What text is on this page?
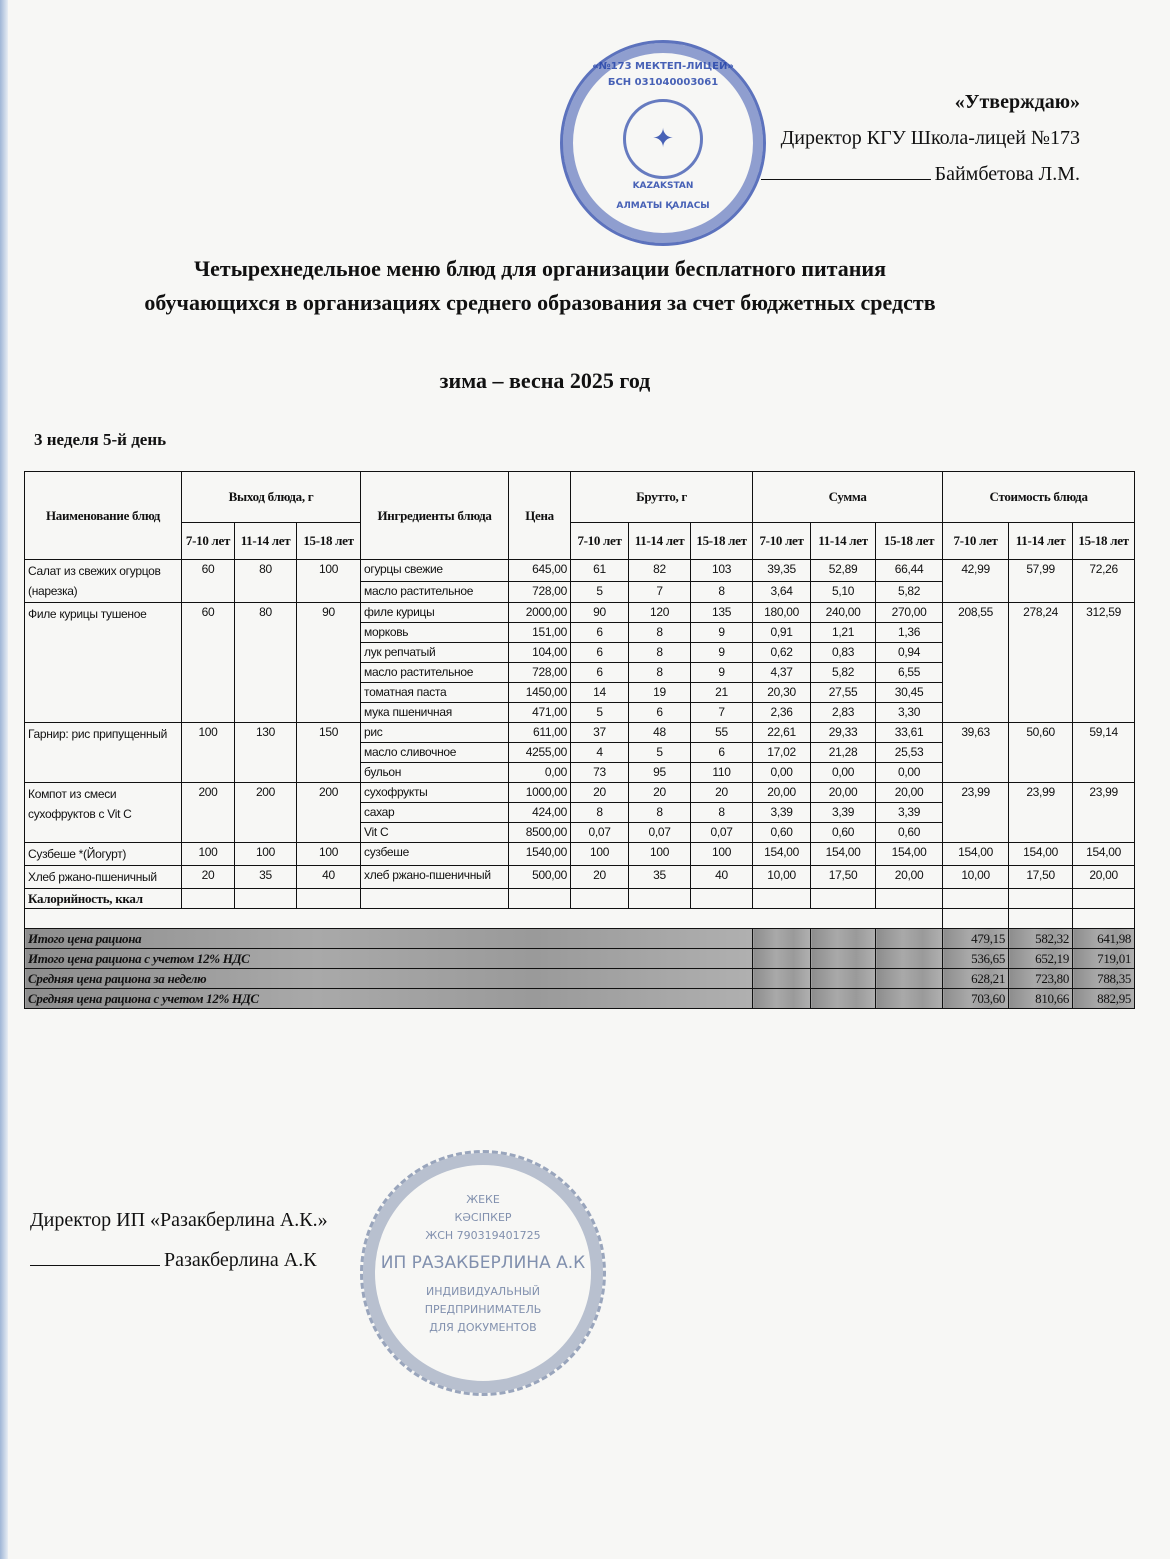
«№173 МЕКТЕП-ЛИЦЕЙ»
БСН 031040003061
✦
KAZAKSTAN
АЛМАТЫ ҚАЛАСЫ
«Утверждаю»
Директор КГУ Школа-лицей №173
Баймбетова Л.М.
Четырехнедельное меню блюд для организации бесплатного питания
обучающихся в организациях среднего образования за счет бюджетных средств
зима – весна 2025 год
3 неделя 5-й день
Наименование блюд	Выход блюда, г			Ингредиенты блюда	Цена	Брутто, г			Сумма			Стоимость блюда		
	7-10 лет	11-14 лет	15-18 лет			7-10 лет	11-14 лет	15-18 лет	7-10 лет	11-14 лет	15-18 лет	7-10 лет	11-14 лет	15-18 лет
Салат из свежих огурцов (нарезка)	60	80	100	огурцы свежие	645,00	61	82	103	39,35	52,89	66,44	42,99	57,99	72,26
				масло растительное	728,00	5	7	8	3,64	5,10	5,82			
Филе курицы тушеное	60	80	90	филе курицы	2000,00	90	120	135	180,00	240,00	270,00	208,55	278,24	312,59
				морковь	151,00	6	8	9	0,91	1,21	1,36			
				лук репчатый	104,00	6	8	9	0,62	0,83	0,94			
				масло растительное	728,00	6	8	9	4,37	5,82	6,55			
				томатная паста	1450,00	14	19	21	20,30	27,55	30,45			
				мука пшеничная	471,00	5	6	7	2,36	2,83	3,30			
Гарнир: рис припущенный	100	130	150	рис	611,00	37	48	55	22,61	29,33	33,61	39,63	50,60	59,14
				масло сливочное	4255,00	4	5	6	17,02	21,28	25,53			
				бульон	0,00	73	95	110	0,00	0,00	0,00			
Компот из смеси сухофруктов с Vit C	200	200	200	сухофрукты	1000,00	20	20	20	20,00	20,00	20,00	23,99	23,99	23,99
				сахар	424,00	8	8	8	3,39	3,39	3,39			
				Vit C	8500,00	0,07	0,07	0,07	0,60	0,60	0,60			
Сузбеше *(Йогурт)	100	100	100	сузбеше	1540,00	100	100	100	154,00	154,00	154,00	154,00	154,00	154,00
Хлеб ржано-пшеничный	20	35	40	хлеб ржано-пшеничный	500,00	20	35	40	10,00	17,50	20,00	10,00	17,50	20,00
Калорийность, ккал														

Итого цена рациона												479,15	582,32	641,98
Итого цена рациона с учетом 12% НДС												536,65	652,19	719,01
Средняя цена рациона за неделю												628,21	723,80	788,35
Средняя цена рациона с учетом 12% НДС												703,60	810,66	882,95
ЖЕКЕ
КӘСІПКЕР
ЖСН 790319401725
ИП РАЗАКБЕРЛИНА А.К
ИНДИВИДУАЛЬНЫЙ
ПРЕДПРИНИМАТЕЛЬ
ДЛЯ ДОКУМЕНТОВ
Директор ИП «Разакберлина А.К.»
Разакберлина А.К
